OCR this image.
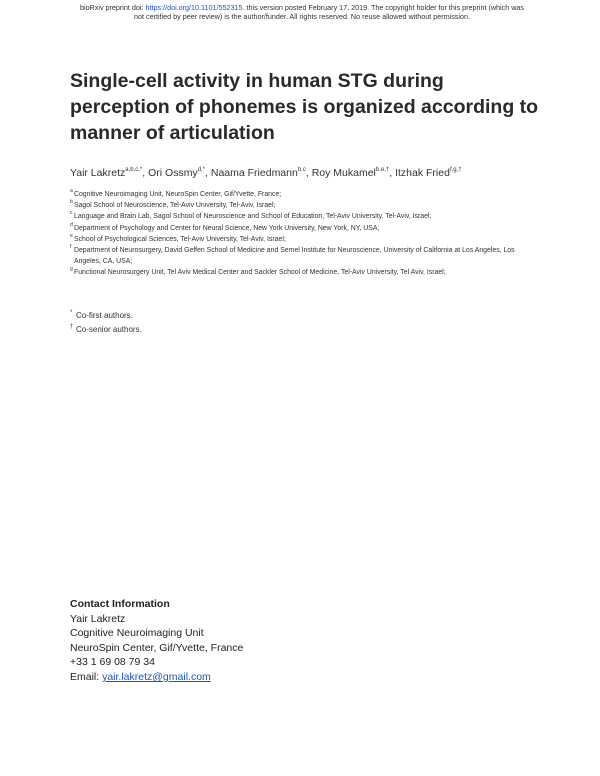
bioRxiv preprint doi: https://doi.org/10.1101/552315. this version posted February 17, 2019. The copyright holder for this preprint (which was
not certified by peer review) is the author/funder. All rights reserved. No reuse allowed without permission.
Single-cell activity in human STG during perception of phonemes is organized according to manner of articulation
Yair Lakretz$^{a,b,c,*}$, Ori Ossmy$^{d,*}$, Naama Friedmann$^{b,c}$, Roy Mukamel$^{b,e,\dagger}$, Itzhak Fried$^{f,g,\dagger}$
a Cognitive Neuroimaging Unit, NeuroSpin Center, Gif/Yvette, France;
b Sagol School of Neuroscience, Tel-Aviv University, Tel-Aviv, Israel;
c Language and Brain Lab, Sagol School of Neuroscience and School of Education, Tel-Aviv University, Tel-Aviv, Israel;
d Department of Psychology and Center for Neural Science, New York University, New York, NY, USA;
e School of Psychological Sciences, Tel-Aviv University, Tel-Aviv, Israel;
f Department of Neurosurgery, David Geffen School of Medicine and Semel Institute for Neuroscience, University of California at Los Angeles, Los Angeles, CA, USA;
g Functional Neurosurgery Unit, Tel Aviv Medical Center and Sackler School of Medicine, Tel-Aviv University, Tel Aviv, Israel;
* Co-first authors.
† Co-senior authors.
Contact Information
Yair Lakretz
Cognitive Neuroimaging Unit
NeuroSpin Center, Gif/Yvette, France
+33 1 69 08 79 34
Email: yair.lakretz@gmail.com
